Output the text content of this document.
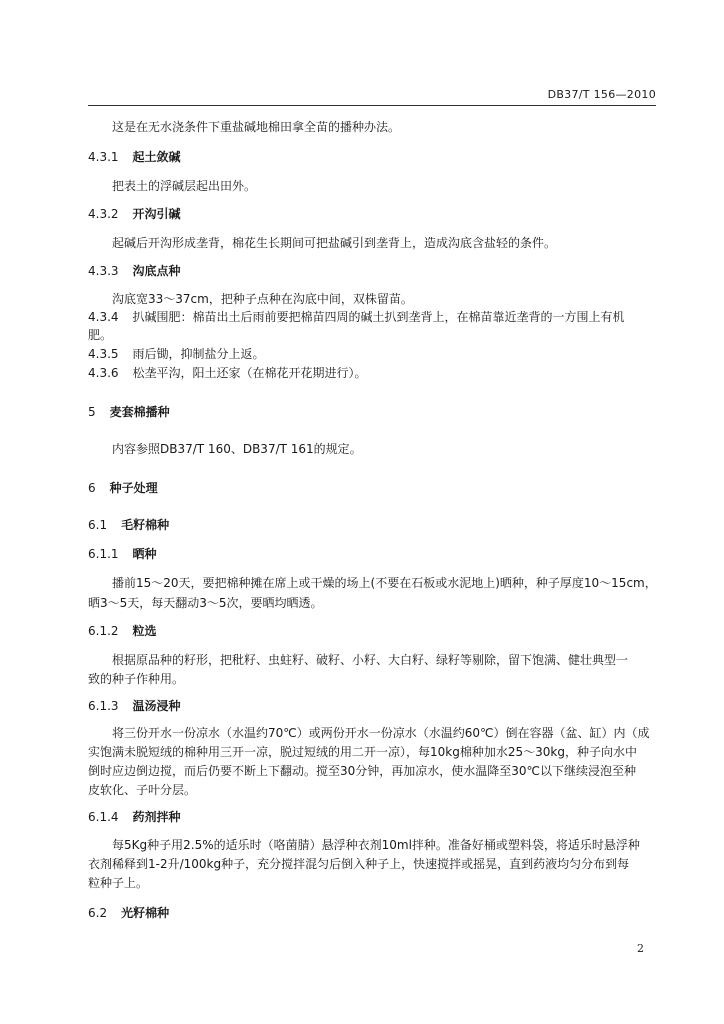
DB37/T 156—2010
这是在无水浇条件下重盐碱地棉田拿全苗的播种办法。
4.3.1 起土敛碱
把表土的浮碱层起出田外。
4.3.2 开沟引碱
起碱后开沟形成垄背，棉花生长期间可把盐碱引到垄背上，造成沟底含盐轻的条件。
4.3.3 沟底点种
沟底宽33～37cm，把种子点种在沟底中间，双株留苗。
4.3.4 扒碱围肥：棉苗出土后雨前要把棉苗四周的碱土扒到垄背上，在棉苗靠近垄背的一方围上有机
肥。
4.3.5 雨后锄，抑制盐分上返。
4.3.6 松垄平沟，阳土还家（在棉花开花期进行）。
5 麦套棉播种
内容参照DB37/T 160、DB37/T 161的规定。
6 种子处理
6.1 毛籽棉种
6.1.1 晒种
播前15～20天，要把棉种摊在席上或干燥的场上(不要在石板或水泥地上)晒种，种子厚度10～15cm，
晒3～5天，每天翻动3～5次，要晒均晒透。
6.1.2 粒选
根据原品种的籽形，把秕籽、虫蛀籽、破籽、小籽、大白籽、绿籽等剔除，留下饱满、健壮典型一
致的种子作种用。
6.1.3 温汤浸种
将三份开水一份凉水（水温约70℃）或两份开水一份凉水（水温约60℃）倒在容器（盆、缸）内（成
实饱满未脱短绒的棉种用三开一凉，脱过短绒的用二开一凉），每10kg棉种加水25～30kg，种子向水中
倒时应边倒边搅，而后仍要不断上下翻动。搅至30分钟，再加凉水，使水温降至30℃以下继续浸泡至种
皮软化、子叶分层。
6.1.4 药剂拌种
每5Kg种子用2.5%的适乐时（咯菌腈）悬浮种衣剂10ml拌种。准备好桶或塑料袋，将适乐时悬浮种
衣剂稀释到1-2升/100kg种子，充分搅拌混匀后倒入种子上，快速搅拌或摇晃，直到药液均匀分布到每
粒种子上。
6.2 光籽棉种
2
